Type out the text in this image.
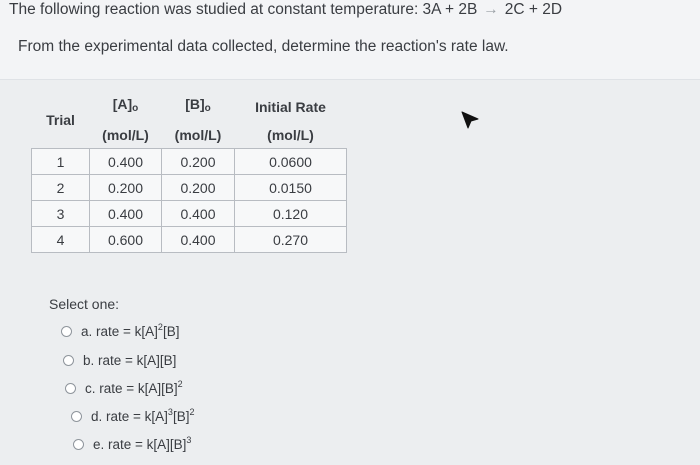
The following reaction was studied at constant temperature: 3A + 2B → 2C + 2D
From the experimental data collected, determine the reaction's rate law.
Trial	$[A]_o$	$[B]_o$	Initial Rate
	(mol/L)	(mol/L)	(mol/L)
1	0.400	0.200	0.0600
2	0.200	0.200	0.0150
3	0.400	0.400	0.120
4	0.600	0.400	0.270
Select one:
a. rate = $k[A]^2[B]$
b. rate = k[A][B]
c. rate = $k[A][B]^2$
d. rate = $k[A]^3[B]^2$
e. rate = $k[A][B]^3$
